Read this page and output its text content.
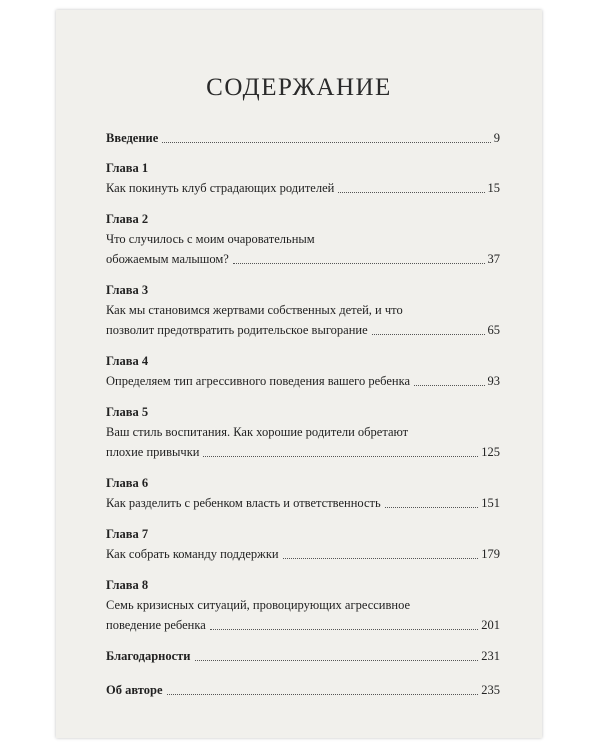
СОДЕРЖАНИЕ
Введение	9
Глава 1
Как покинуть клуб страдающих родителей	15
Глава 2
Что случилось с моим очаровательным
обожаемым малышом?	37
Глава 3
Как мы становимся жертвами собственных детей, и что
позволит предотвратить родительское выгорание	65
Глава 4
Определяем тип агрессивного поведения вашего ребенка	93
Глава 5
Ваш стиль воспитания. Как хорошие родители обретают
плохие привычки	125
Глава 6
Как разделить с ребенком власть и ответственность	151
Глава 7
Как собрать команду поддержки	179
Глава 8
Семь кризисных ситуаций, провоцирующих агрессивное
поведение ребенка	201
Благодарности	231
Об авторе	235
